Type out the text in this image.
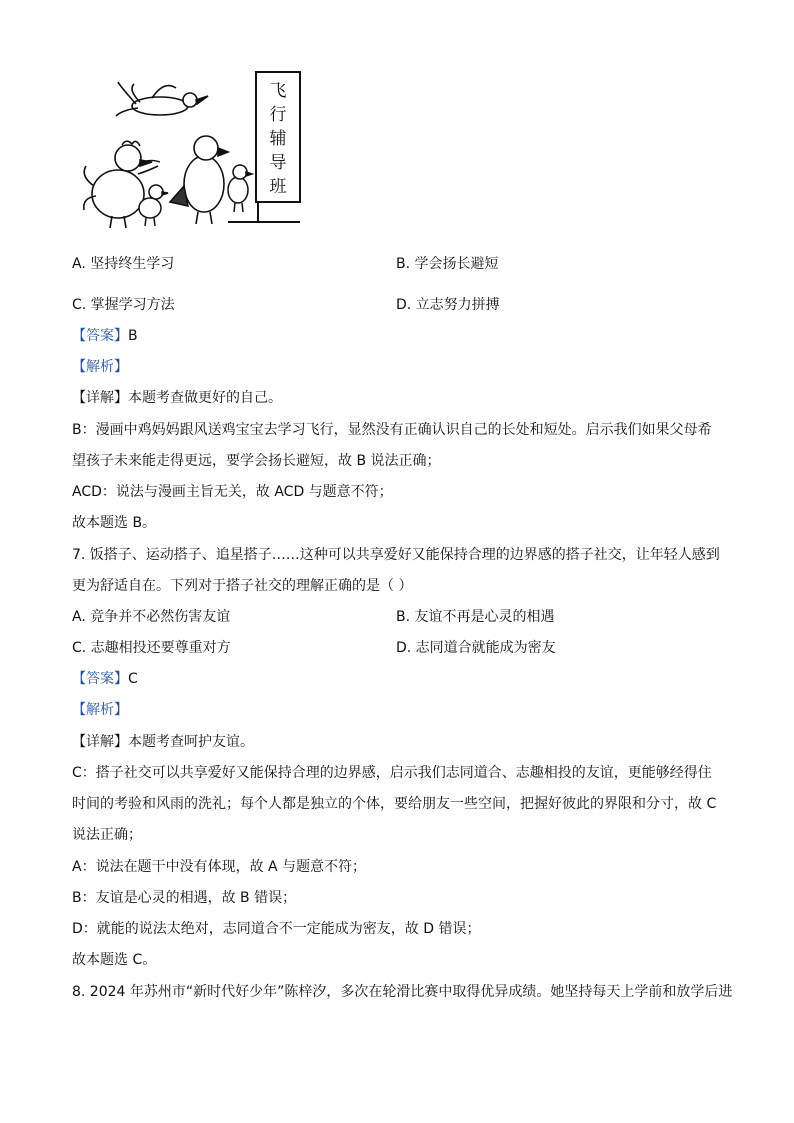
飞
行
辅
导
班
A. 坚持终生学习	B. 学会扬长避短
C. 掌握学习方法	D. 立志努力拼搏
【答案】B
【解析】
【详解】本题考查做更好的自己。
B：漫画中鸡妈妈跟风送鸡宝宝去学习飞行，显然没有正确认识自己的长处和短处。启示我们如果父母希
望孩子未来能走得更远，要学会扬长避短，故 B 说法正确；
ACD：说法与漫画主旨无关，故 ACD 与题意不符；
故本题选 B。
7. 饭搭子、运动搭子、追星搭子……这种可以共享爱好又能保持合理的边界感的搭子社交，让年轻人感到
更为舒适自在。下列对于搭子社交的理解正确的是（ ）
A. 竞争并不必然伤害友谊	B. 友谊不再是心灵的相遇
C. 志趣相投还要尊重对方	D. 志同道合就能成为密友
【答案】C
【解析】
【详解】本题考查呵护友谊。
C：搭子社交可以共享爱好又能保持合理的边界感，启示我们志同道合、志趣相投的友谊，更能够经得住
时间的考验和风雨的洗礼；每个人都是独立的个体，要给朋友一些空间，把握好彼此的界限和分寸，故 C
说法正确；
A：说法在题干中没有体现，故 A 与题意不符；
B：友谊是心灵的相遇，故 B 错误；
D：就能的说法太绝对，志同道合不一定能成为密友，故 D 错误；
故本题选 C。
8. 2024 年苏州市“新时代好少年”陈梓汐，多次在轮滑比赛中取得优异成绩。她坚持每天上学前和放学后进
